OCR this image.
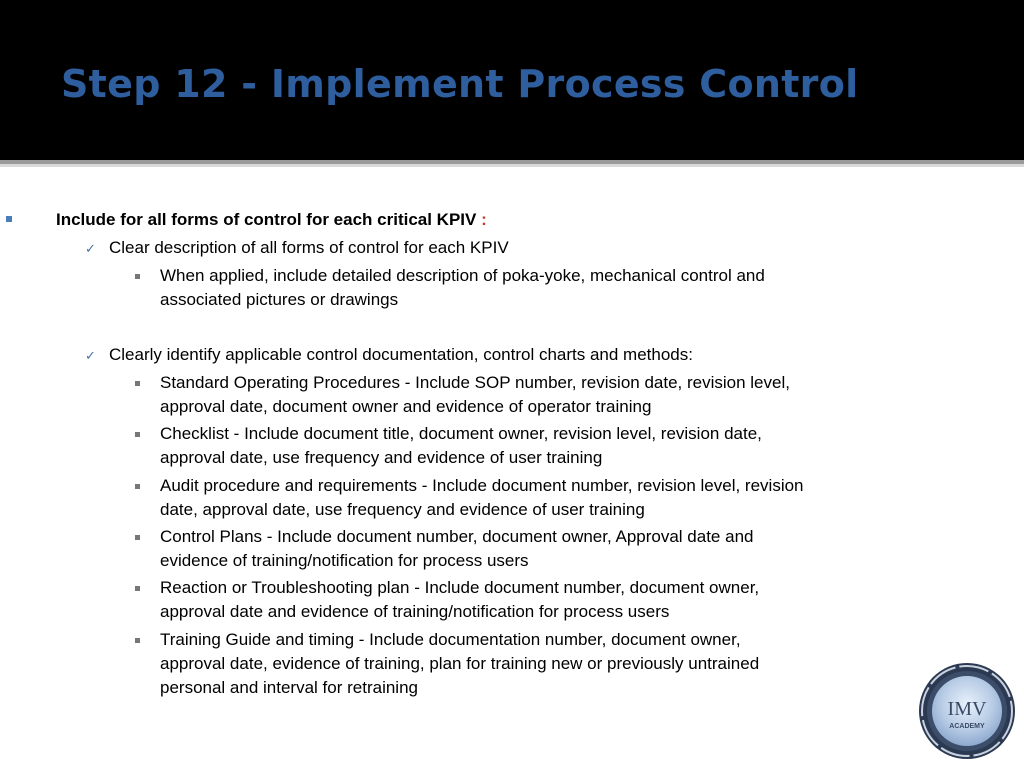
Step 12 - Implement Process Control
Include for all forms of control for each critical KPIV :
✓ Clear description of all forms of control for each KPIV
When applied, include detailed description of poka-yoke, mechanical control and
associated pictures or drawings
✓ Clearly identify applicable control documentation, control charts and methods:
Standard Operating Procedures - Include SOP number, revision date, revision level,
approval date, document owner and evidence of operator training
Checklist - Include document title, document owner, revision level, revision date,
approval date, use frequency and evidence of user training
Audit procedure and requirements - Include document number, revision level, revision
date, approval date, use frequency and evidence of user training
Control Plans - Include document number, document owner, Approval date and
evidence of training/notification for process users
Reaction or Troubleshooting plan - Include document number, document owner,
approval date and evidence of training/notification for process users
Training Guide and timing - Include documentation number, document owner,
approval date, evidence of training, plan for training new or previously untrained
personal and interval for retraining
IMV
ACADEMY
